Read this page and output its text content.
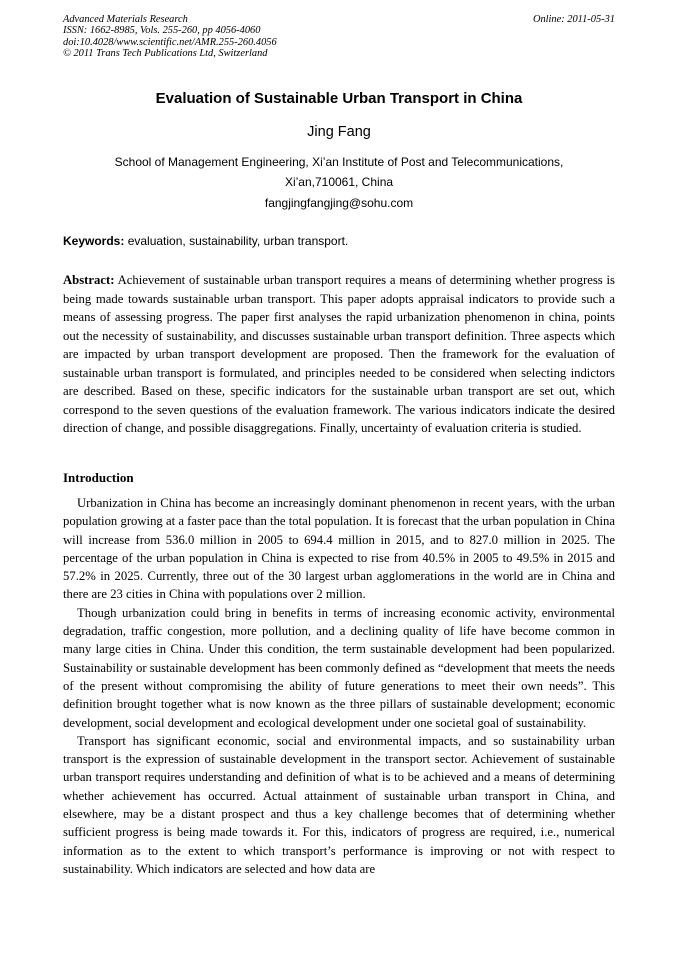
Advanced Materials Research
ISSN: 1662-8985, Vols. 255-260, pp 4056-4060
doi:10.4028/www.scientific.net/AMR.255-260.4056
© 2011 Trans Tech Publications Ltd, Switzerland
Online: 2011-05-31
Evaluation of Sustainable Urban Transport in China
Jing Fang
School of Management Engineering, Xi’an Institute of Post and Telecommunications,
Xi’an,710061, China
fangjingfangjing@sohu.com
Keywords: evaluation, sustainability, urban transport.
Abstract: Achievement of sustainable urban transport requires a means of determining whether progress is being made towards sustainable urban transport. This paper adopts appraisal indicators to provide such a means of assessing progress. The paper first analyses the rapid urbanization phenomenon in china, points out the necessity of sustainability, and discusses sustainable urban transport definition. Three aspects which are impacted by urban transport development are proposed. Then the framework for the evaluation of sustainable urban transport is formulated, and principles needed to be considered when selecting indictors are described. Based on these, specific indicators for the sustainable urban transport are set out, which correspond to the seven questions of the evaluation framework. The various indicators indicate the desired direction of change, and possible disaggregations. Finally, uncertainty of evaluation criteria is studied.
Introduction

Urbanization in China has become an increasingly dominant phenomenon in recent years, with the urban population growing at a faster pace than the total population. It is forecast that the urban population in China will increase from 536.0 million in 2005 to 694.4 million in 2015, and to 827.0 million in 2025. The percentage of the urban population in China is expected to rise from 40.5% in 2005 to 49.5% in 2015 and 57.2% in 2025. Currently, three out of the 30 largest urban agglomerations in the world are in China and there are 23 cities in China with populations over 2 million.

Though urbanization could bring in benefits in terms of increasing economic activity, environmental degradation, traffic congestion, more pollution, and a declining quality of life have become common in many large cities in China. Under this condition, the term sustainable development had been popularized. Sustainability or sustainable development has been commonly defined as “development that meets the needs of the present without compromising the ability of future generations to meet their own needs”. This definition brought together what is now known as the three pillars of sustainable development; economic development, social development and ecological development under one societal goal of sustainability.

Transport has significant economic, social and environmental impacts, and so sustainability urban transport is the expression of sustainable development in the transport sector. Achievement of sustainable urban transport requires understanding and definition of what is to be achieved and a means of determining whether achievement has occurred. Actual attainment of sustainable urban transport in China, and elsewhere, may be a distant prospect and thus a key challenge becomes that of determining whether sufficient progress is being made towards it. For this, indicators of progress are required, i.e., numerical information as to the extent to which transport’s performance is improving or not with respect to sustainability. Which indicators are selected and how data are
